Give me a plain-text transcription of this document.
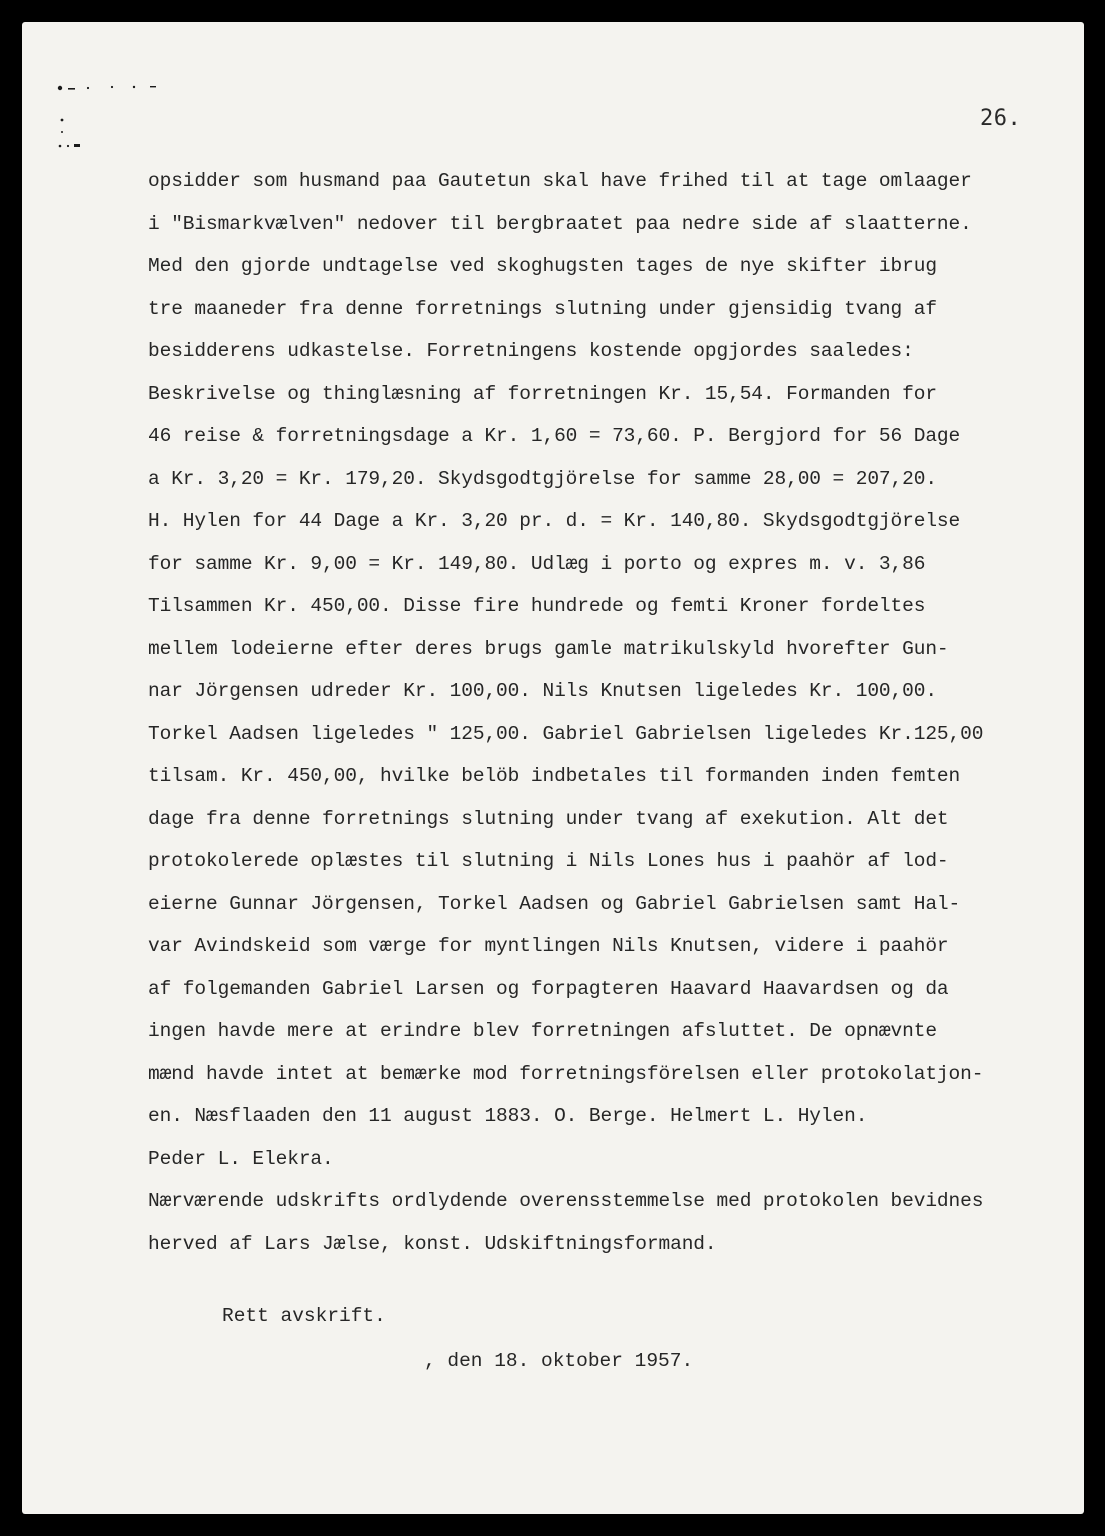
26.
opsidder som husmand paa Gautetun skal have frihed til at tage omlaager
i "Bismarkvælven" nedover til bergbraatet paa nedre side af slaatterne.
Med den gjorde undtagelse ved skoghugsten tages de nye skifter ibrug
tre maaneder fra denne forretnings slutning under gjensidig tvang af
besidderens udkastelse. Forretningens kostende opgjordes saaledes:
Beskrivelse og thinglæsning af forretningen Kr. 15,54. Formanden for
46 reise & forretningsdage a Kr. 1,60 = 73,60. P. Bergjord for 56 Dage
a Kr. 3,20 = Kr. 179,20. Skydsgodtgjörelse for samme 28,00 = 207,20.
H. Hylen for 44 Dage a Kr. 3,20 pr. d. = Kr. 140,80. Skydsgodtgjörelse
for samme Kr. 9,00 = Kr. 149,80. Udlæg i porto og expres m. v. 3,86
Tilsammen Kr. 450,00. Disse fire hundrede og femti Kroner fordeltes
mellem lodeierne efter deres brugs gamle matrikulskyld hvorefter Gun-
nar Jörgensen udreder Kr. 100,00. Nils Knutsen ligeledes Kr. 100,00.
Torkel Aadsen ligeledes " 125,00. Gabriel Gabrielsen ligeledes Kr.125,00
tilsam. Kr. 450,00, hvilke belöb indbetales til formanden inden femten
dage fra denne forretnings slutning under tvang af exekution. Alt det
protokolerede oplæstes til slutning i Nils Lones hus i paahör af lod-
eierne Gunnar Jörgensen, Torkel Aadsen og Gabriel Gabrielsen samt Hal-
var Avindskeid som værge for myntlingen Nils Knutsen, videre i paahör
af folgemanden Gabriel Larsen og forpagteren Haavard Haavardsen og da
ingen havde mere at erindre blev forretningen afsluttet. De opnævnte
mænd havde intet at bemærke mod forretningsförelsen eller protokolatjon-
en. Næsflaaden den 11 august 1883. O. Berge. Helmert L. Hylen.
Peder L. Elekra.
Nærværende udskrifts ordlydende overensstemmelse med protokolen bevidnes
herved af Lars Jælse, konst. Udskiftningsformand.
Rett avskrift.
, den 18. oktober 1957.
